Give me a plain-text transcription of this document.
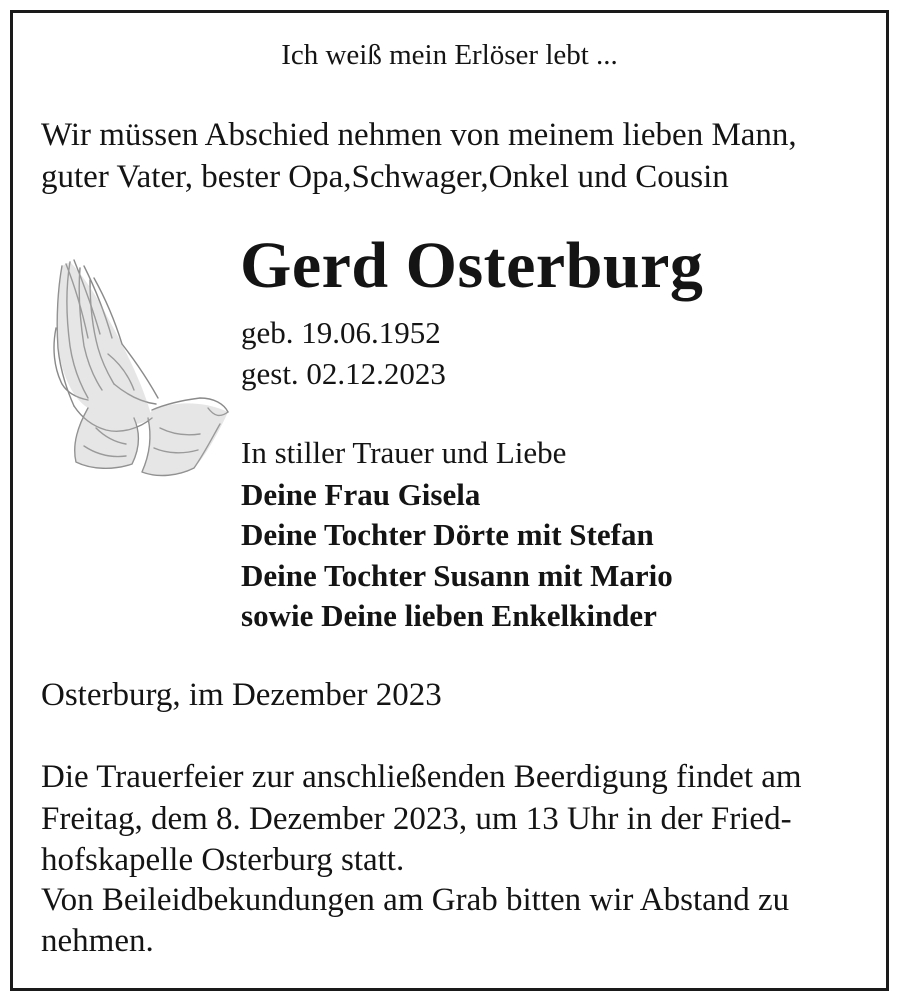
Ich weiß mein Erlöser lebt ...

Wir müssen Abschied nehmen von meinem lieben Mann,

guter Vater, bester Opa,Schwager,Onkel und Cousin

Gerd Osterburg

geb. 19.06.1952

gest. 02.12.2023

In stiller Trauer und Liebe

Deine Frau Gisela

Deine Tochter Dörte mit Stefan

Deine Tochter Susann mit Mario

sowie Deine lieben Enkelkinder

Osterburg, im Dezember 2023

Die Trauerfeier zur anschließenden Beerdigung findet am

Freitag, dem 8. Dezember 2023, um 13 Uhr in der Fried-

hofskapelle Osterburg statt.

Von Beileidbekundungen am Grab bitten wir Abstand zu

nehmen.
